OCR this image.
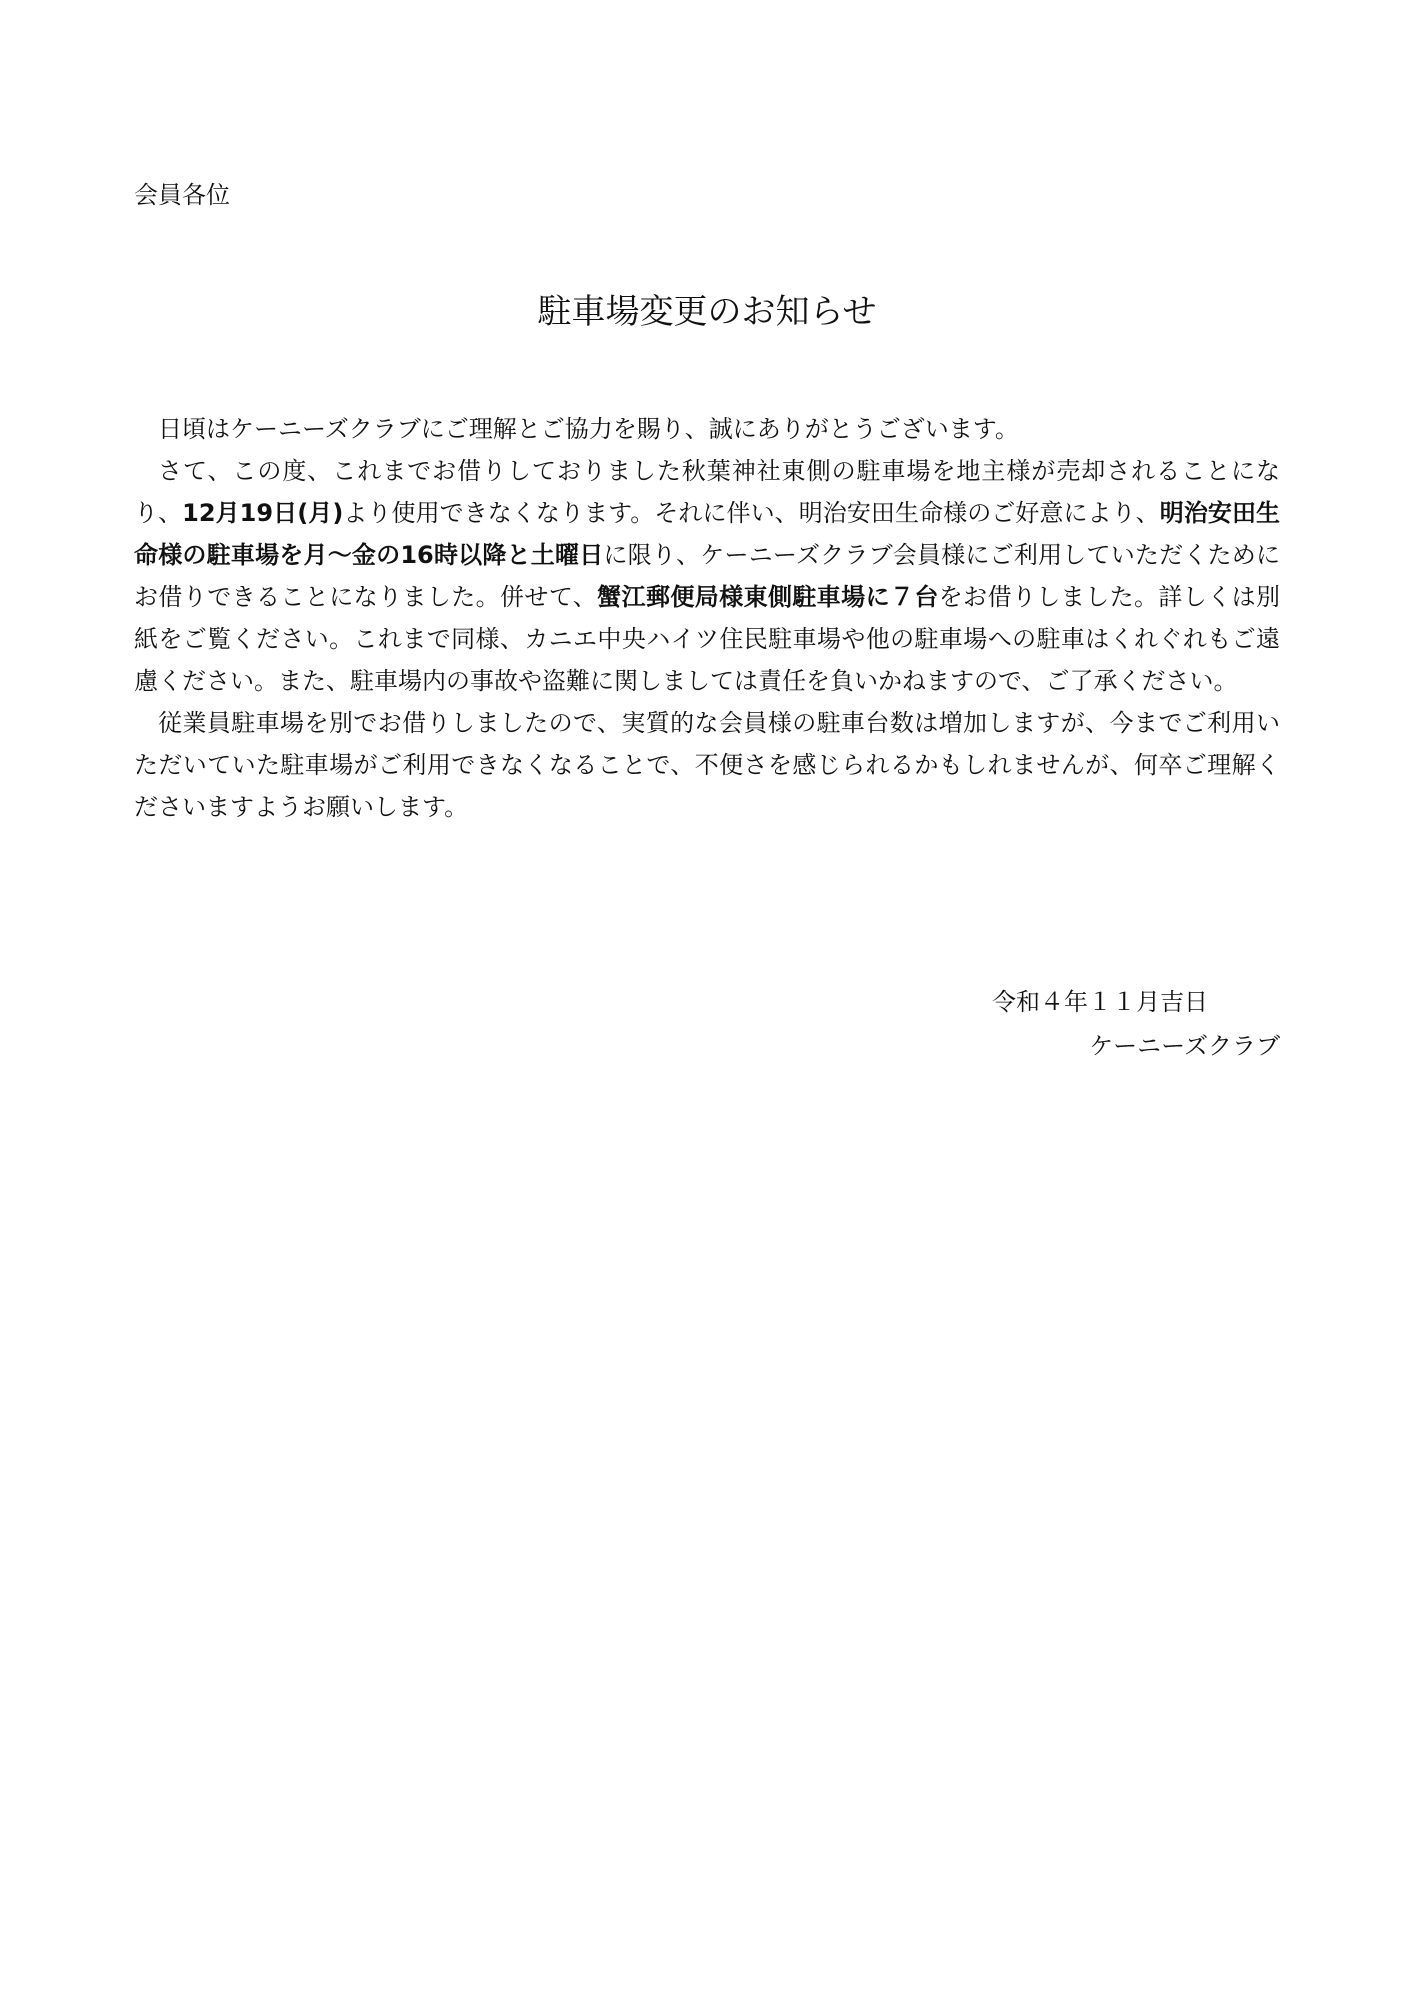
会員各位

駐車場変更のお知らせ

日頃はケーニーズクラブにご理解とご協力を賜り、誠にありがとうございます。

さて、この度、これまでお借りしておりました秋葉神社東側の駐車場を地主様が売却されることになり、12月19日(月)より使用できなくなります。それに伴い、明治安田生命様のご好意により、明治安田生命様の駐車場を月～金の16時以降と土曜日に限り、ケーニーズクラブ会員様にご利用していただくためにお借りできることになりました。併せて、蟹江郵便局様東側駐車場に７台をお借りしました。詳しくは別紙をご覧ください。これまで同様、カニエ中央ハイツ住民駐車場や他の駐車場への駐車はくれぐれもご遠慮ください。また、駐車場内の事故や盗難に関しましては責任を負いかねますので、ご了承ください。

従業員駐車場を別でお借りしましたので、実質的な会員様の駐車台数は増加しますが、今までご利用いただいていた駐車場がご利用できなくなることで、不便さを感じられるかもしれませんが、何卒ご理解くださいますようお願いします。

令和４年１１月吉日
ケーニーズクラブ
